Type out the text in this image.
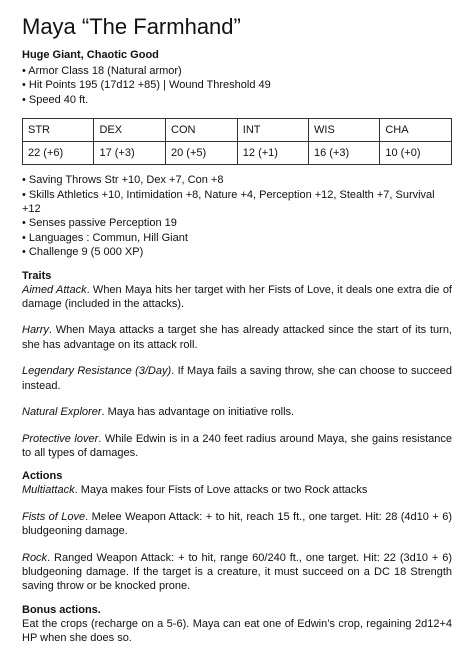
Maya “The Farmhand”

Huge Giant, Chaotic Good

• Armor Class 18 (Natural armor)

• Hit Points 195 (17d12 +85) | Wound Threshold 49

• Speed 40 ft.

STR	DEX	CON	INT	WIS	CHA
22 (+6)	17 (+3)	20 (+5)	12 (+1)	16 (+3)	10 (+0)

• Saving Throws Str +10, Dex +7, Con +8

• Skills Athletics +10, Intimidation +8, Nature +4, Perception +12, Stealth +7, Survival +12

• Senses passive Perception 19

• Languages : Commun, Hill Giant

• Challenge 9 (5 000 XP)

Traits

Aimed Attack. When Maya hits her target with her Fists of Love, it deals one extra die of damage (included in the attacks).

Harry. When Maya attacks a target she has already attacked since the start of its turn, she has advantage on its attack roll.

Legendary Resistance (3/Day). If Maya fails a saving throw, she can choose to succeed instead.

Natural Explorer. Maya has advantage on initiative rolls.

Protective lover. While Edwin is in a 240 feet radius around Maya, she gains resistance to all types of damages.

Actions

Multiattack. Maya makes four Fists of Love attacks or two Rock attacks

Fists of Love. Melee Weapon Attack: + to hit, reach 15 ft., one target. Hit: 28 (4d10 + 6) bludgeoning damage.

Rock. Ranged Weapon Attack: + to hit, range 60/240 ft., one target. Hit: 22 (3d10 + 6) bludgeoning damage. If the target is a creature, it must succeed on a DC 18 Strength saving throw or be knocked prone.

Bonus actions.

Eat the crops (recharge on a 5-6). Maya can eat one of Edwin’s crop, regaining 2d12+4 HP when she does so.
